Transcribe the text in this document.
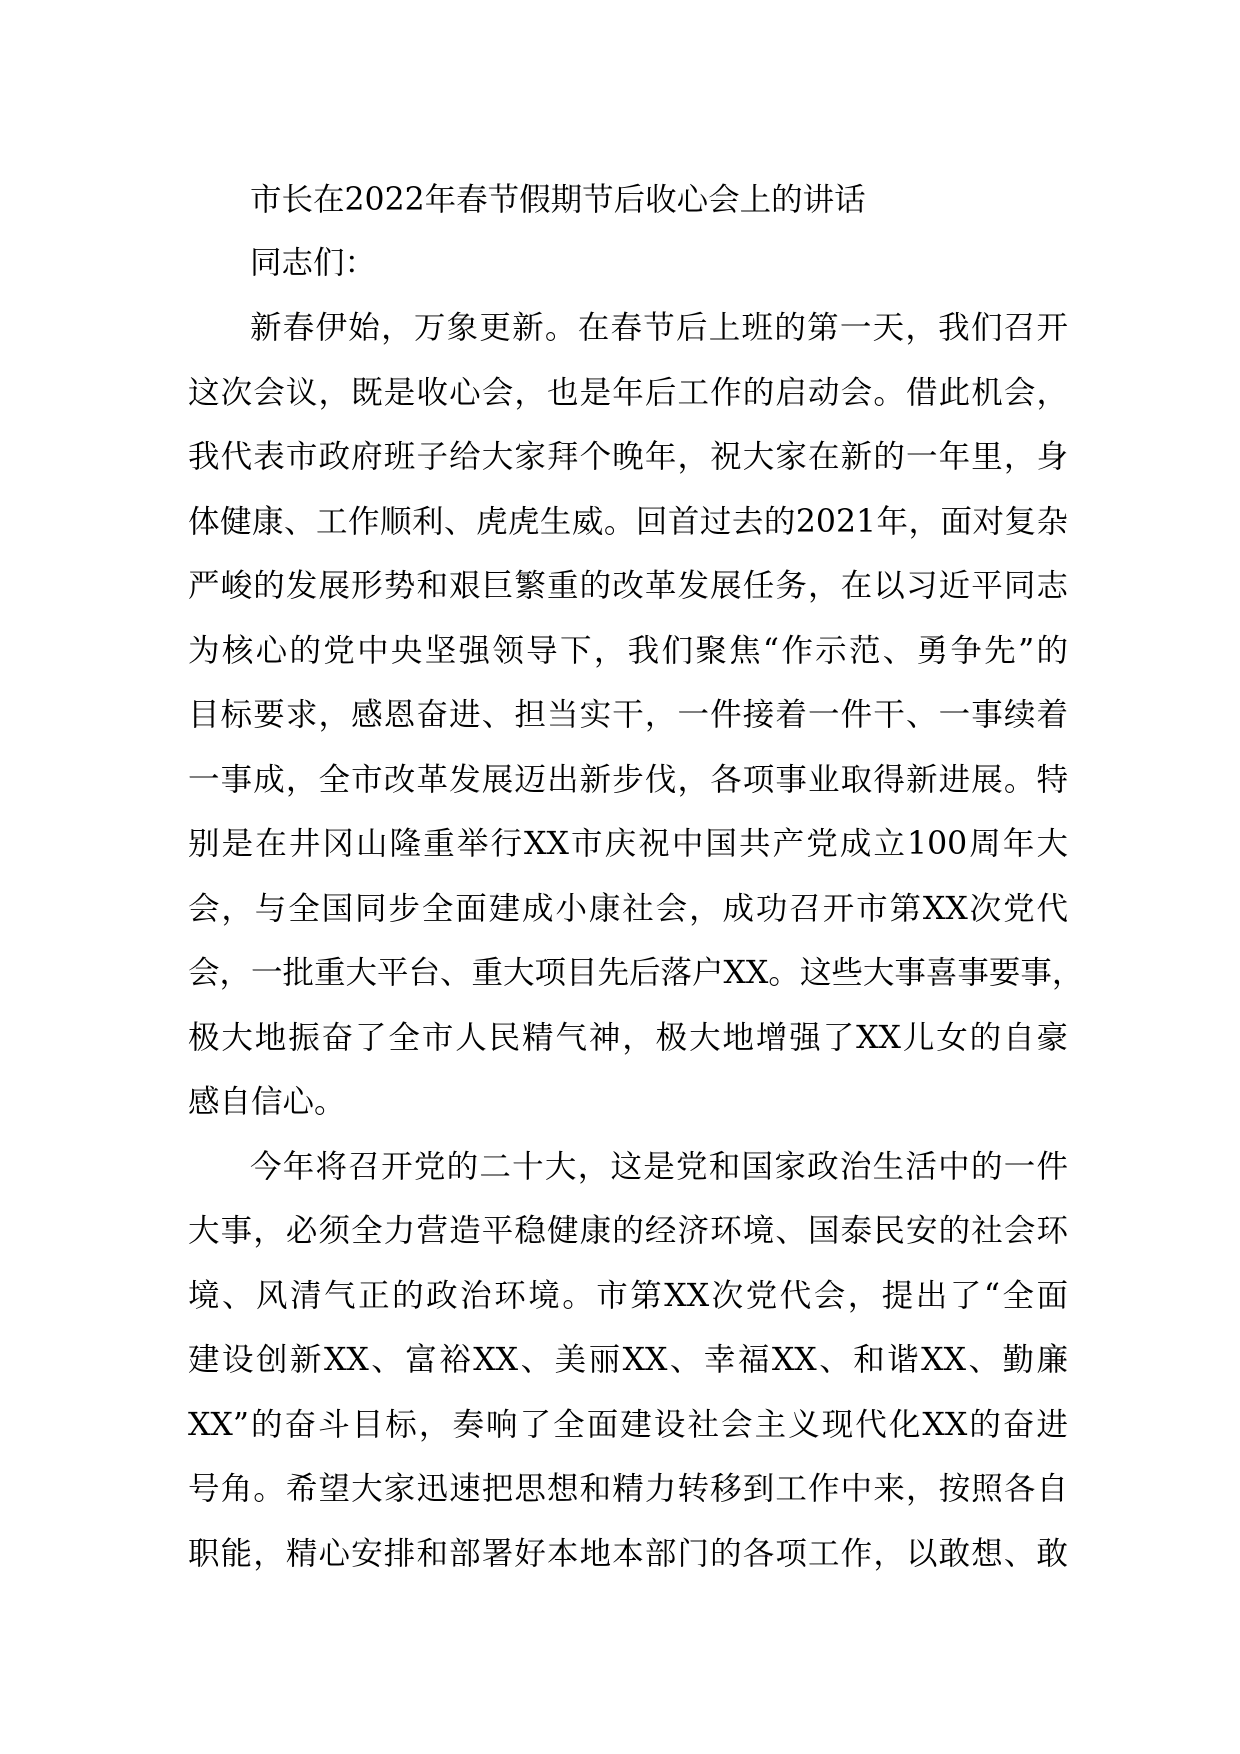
市长在2022年春节假期节后收心会上的讲话
同志们：
新春伊始，万象更新。在春节后上班的第一天，我们召开
这次会议，既是收心会，也是年后工作的启动会。借此机会，
我代表市政府班子给大家拜个晚年，祝大家在新的一年里，身
体健康、工作顺利、虎虎生威。回首过去的2021年，面对复杂
严峻的发展形势和艰巨繁重的改革发展任务，在以习近平同志
为核心的党中央坚强领导下，我们聚焦“作示范、勇争先”的
目标要求，感恩奋进、担当实干，一件接着一件干、一事续着
一事成，全市改革发展迈出新步伐，各项事业取得新进展。特
别是在井冈山隆重举行XX市庆祝中国共产党成立100周年大
会，与全国同步全面建成小康社会，成功召开市第XX次党代
会，一批重大平台、重大项目先后落户XX。这些大事喜事要事，
极大地振奋了全市人民精气神，极大地增强了XX儿女的自豪
感自信心。
今年将召开党的二十大，这是党和国家政治生活中的一件
大事，必须全力营造平稳健康的经济环境、国泰民安的社会环
境、风清气正的政治环境。市第XX次党代会，提出了“全面
建设创新XX、富裕XX、美丽XX、幸福XX、和谐XX、勤廉
XX”的奋斗目标，奏响了全面建设社会主义现代化XX的奋进
号角。希望大家迅速把思想和精力转移到工作中来，按照各自
职能，精心安排和部署好本地本部门的各项工作，以敢想、敢
